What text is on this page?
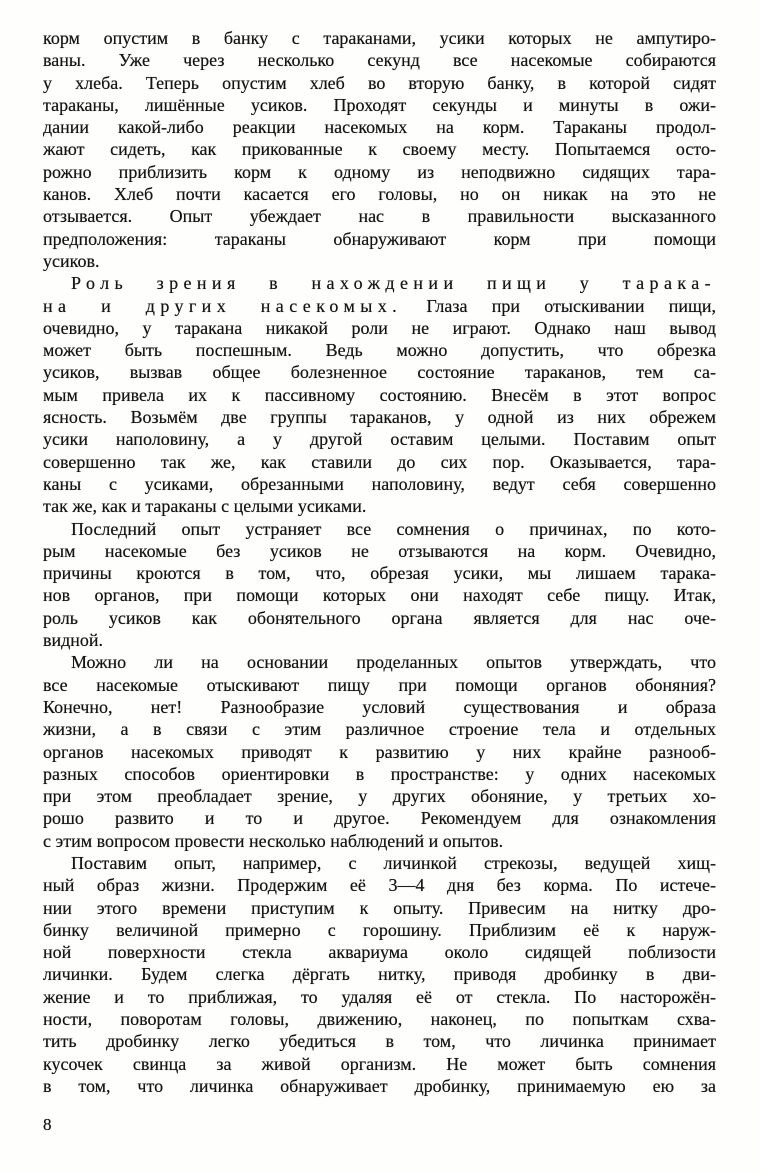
корм опустим в банку с тараканами, усики которых не ампутиро-
ваны. Уже через несколько секунд все насекомые собираются
у хлеба. Теперь опустим хлеб во вторую банку, в которой сидят
тараканы, лишённые усиков. Проходят секунды и минуты в ожи-
дании какой-либо реакции насекомых на корм. Тараканы продол-
жают сидеть, как прикованные к своему месту. Попытаемся осто-
рожно приблизить корм к одному из неподвижно сидящих тара-
канов. Хлеб почти касается его головы, но он никак на это не
отзывается. Опыт убеждает нас в правильности высказанного
предположения: тараканы обнаруживают корм при помощи
усиков.
Роль зрения в нахождении пищи у тарака-
на и других насекомых. Глаза при отыскивании пищи,
очевидно, у таракана никакой роли не играют. Однако наш вывод
может быть поспешным. Ведь можно допустить, что обрезка
усиков, вызвав общее болезненное состояние тараканов, тем са-
мым привела их к пассивному состоянию. Внесём в этот вопрос
ясность. Возьмём две группы тараканов, у одной из них обрежем
усики наполовину, а у другой оставим целыми. Поставим опыт
совершенно так же, как ставили до сих пор. Оказывается, тара-
каны с усиками, обрезанными наполовину, ведут себя совершенно
так же, как и тараканы с целыми усиками.
Последний опыт устраняет все сомнения о причинах, по кото-
рым насекомые без усиков не отзываются на корм. Очевидно,
причины кроются в том, что, обрезая усики, мы лишаем тарака-
нов органов, при помощи которых они находят себе пищу. Итак,
роль усиков как обонятельного органа является для нас оче-
видной.
Можно ли на основании проделанных опытов утверждать, что
все насекомые отыскивают пищу при помощи органов обоняния?
Конечно, нет! Разнообразие условий существования и образа
жизни, а в связи с этим различное строение тела и отдельных
органов насекомых приводят к развитию у них крайне разнооб-
разных способов ориентировки в пространстве: у одних насекомых
при этом преобладает зрение, у других обоняние, у третьих хо-
рошо развито и то и другое. Рекомендуем для ознакомления
с этим вопросом провести несколько наблюдений и опытов.
Поставим опыт, например, с личинкой стрекозы, ведущей хищ-
ный образ жизни. Продержим её 3—4 дня без корма. По истече-
нии этого времени приступим к опыту. Привесим на нитку дро-
бинку величиной примерно с горошину. Приблизим её к наруж-
ной поверхности стекла аквариума около сидящей поблизости
личинки. Будем слегка дёргать нитку, приводя дробинку в дви-
жение и то приближая, то удаляя её от стекла. По насторожён-
ности, поворотам головы, движению, наконец, по попыткам схва-
тить дробинку легко убедиться в том, что личинка принимает
кусочек свинца за живой организм. Не может быть сомнения
в том, что личинка обнаруживает дробинку, принимаемую ею за
8
